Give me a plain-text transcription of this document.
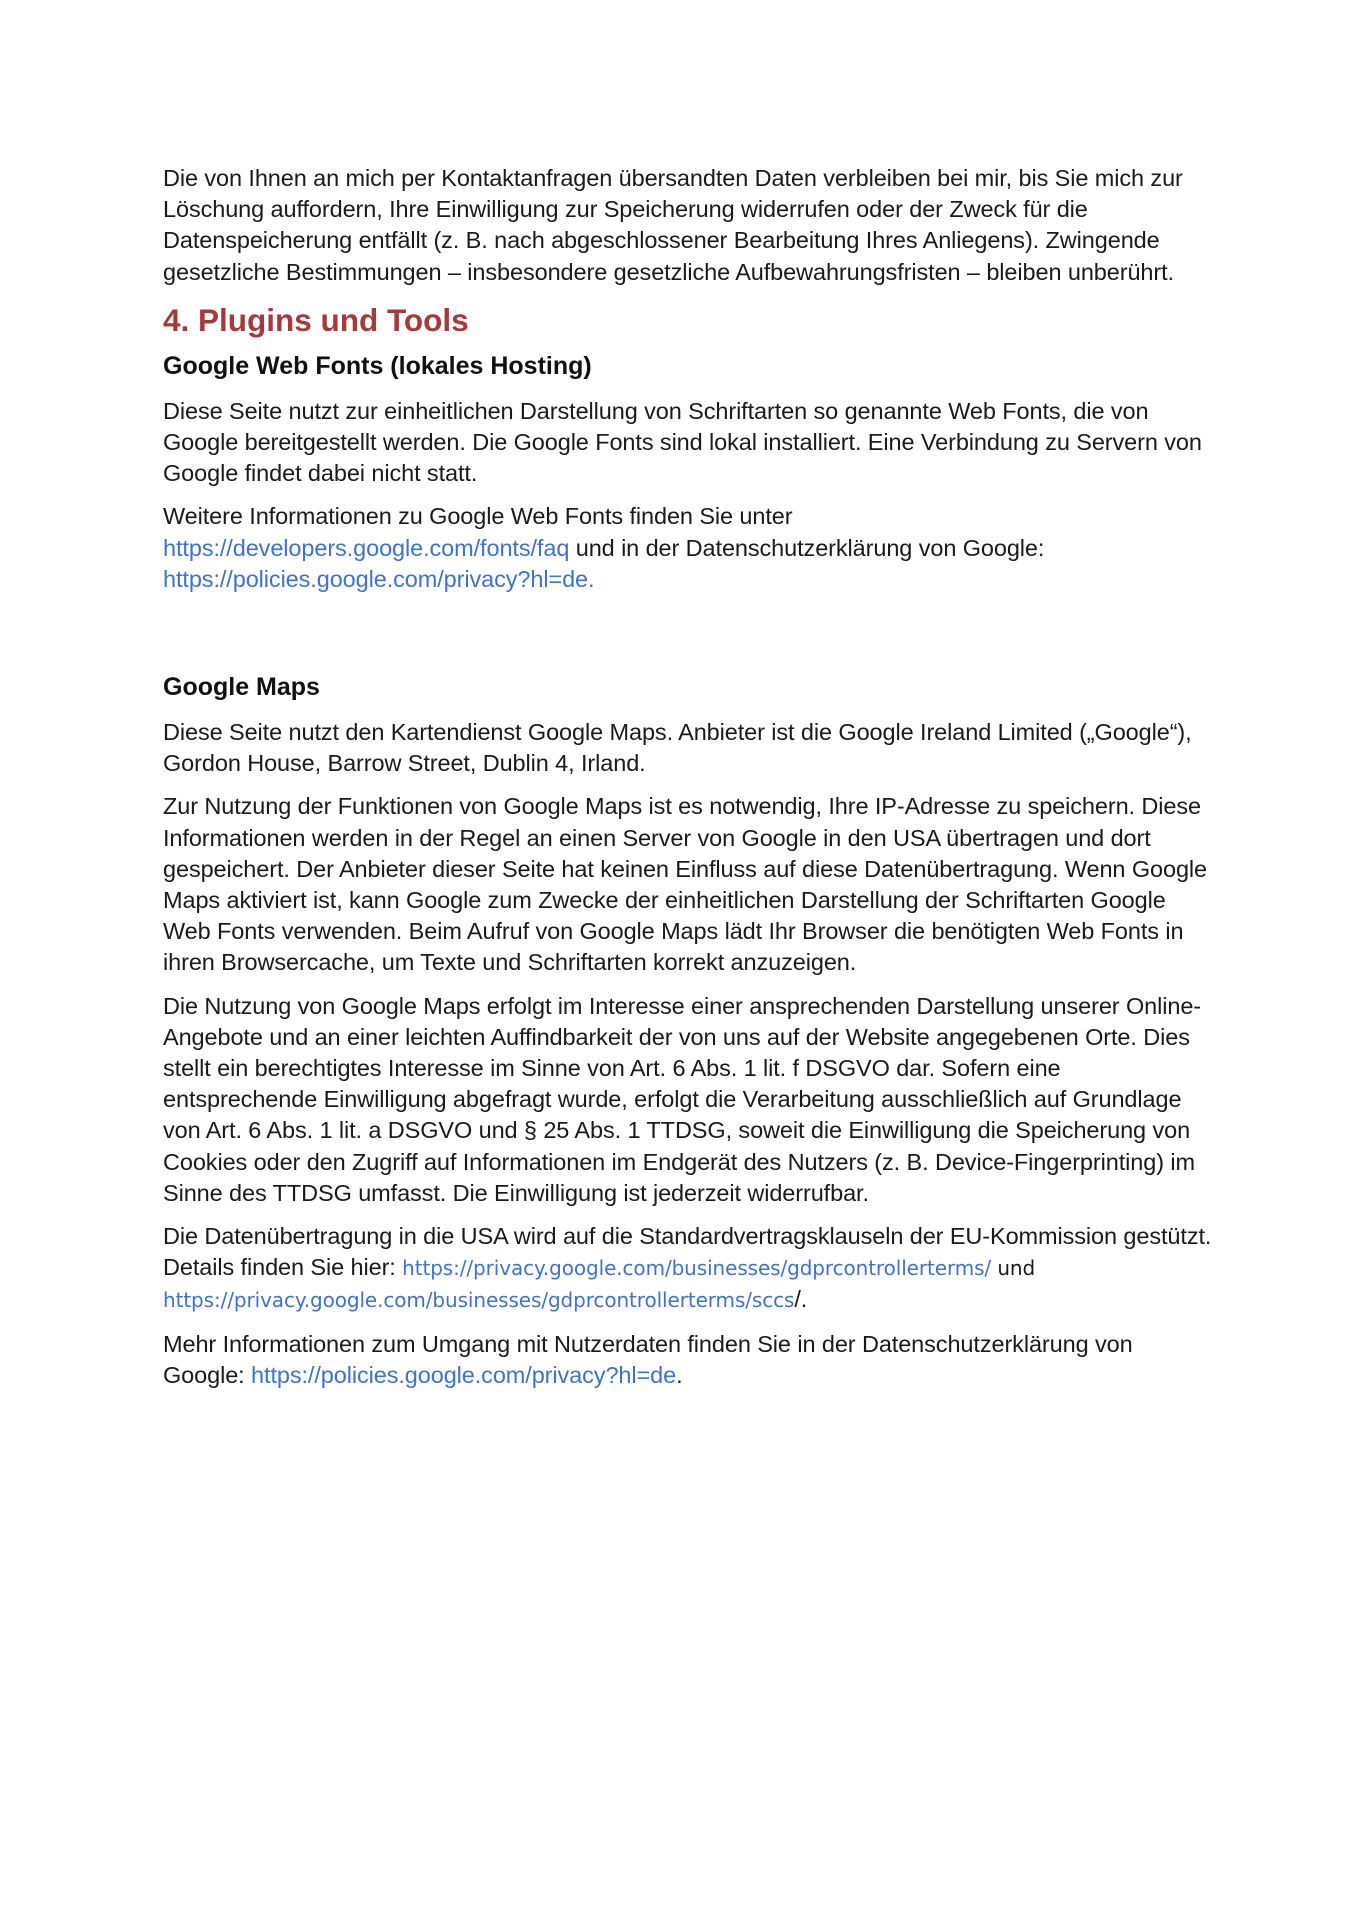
Die von Ihnen an mich per Kontaktanfragen übersandten Daten verbleiben bei mir, bis Sie mich zur Löschung auffordern, Ihre Einwilligung zur Speicherung widerrufen oder der Zweck für die Datenspeicherung entfällt (z. B. nach abgeschlossener Bearbeitung Ihres Anliegens). Zwingende gesetzliche Bestimmungen – insbesondere gesetzliche Aufbewahrungsfristen – bleiben unberührt.

4. Plugins und Tools
Google Web Fonts (lokales Hosting)

Diese Seite nutzt zur einheitlichen Darstellung von Schriftarten so genannte Web Fonts, die von Google bereitgestellt werden. Die Google Fonts sind lokal installiert. Eine Verbindung zu Servern von Google findet dabei nicht statt.

Weitere Informationen zu Google Web Fonts finden Sie unter
https://developers.google.com/fonts/faq und in der Datenschutzerklärung von Google:
https://policies.google.com/privacy?hl=de.

Google Maps

Diese Seite nutzt den Kartendienst Google Maps. Anbieter ist die Google Ireland Limited („Google“), Gordon House, Barrow Street, Dublin 4, Irland.

Zur Nutzung der Funktionen von Google Maps ist es notwendig, Ihre IP-Adresse zu speichern. Diese Informationen werden in der Regel an einen Server von Google in den USA übertragen und dort gespeichert. Der Anbieter dieser Seite hat keinen Einfluss auf diese Datenübertragung. Wenn Google Maps aktiviert ist, kann Google zum Zwecke der einheitlichen Darstellung der Schriftarten Google Web Fonts verwenden. Beim Aufruf von Google Maps lädt Ihr Browser die benötigten Web Fonts in ihren Browsercache, um Texte und Schriftarten korrekt anzuzeigen.

Die Nutzung von Google Maps erfolgt im Interesse einer ansprechenden Darstellung unserer Online-Angebote und an einer leichten Auffindbarkeit der von uns auf der Website angegebenen Orte. Dies stellt ein berechtigtes Interesse im Sinne von Art. 6 Abs. 1 lit. f DSGVO dar. Sofern eine entsprechende Einwilligung abgefragt wurde, erfolgt die Verarbeitung ausschließlich auf Grundlage von Art. 6 Abs. 1 lit. a DSGVO und § 25 Abs. 1 TTDSG, soweit die Einwilligung die Speicherung von Cookies oder den Zugriff auf Informationen im Endgerät des Nutzers (z. B. Device-Fingerprinting) im Sinne des TTDSG umfasst. Die Einwilligung ist jederzeit widerrufbar.

Die Datenübertragung in die USA wird auf die Standardvertragsklauseln der EU-Kommission gestützt. Details finden Sie hier: https://privacy.google.com/businesses/gdprcontrollerterms/ und
https://privacy.google.com/businesses/gdprcontrollerterms/sccs/.

Mehr Informationen zum Umgang mit Nutzerdaten finden Sie in der Datenschutzerklärung von Google: https://policies.google.com/privacy?hl=de.
